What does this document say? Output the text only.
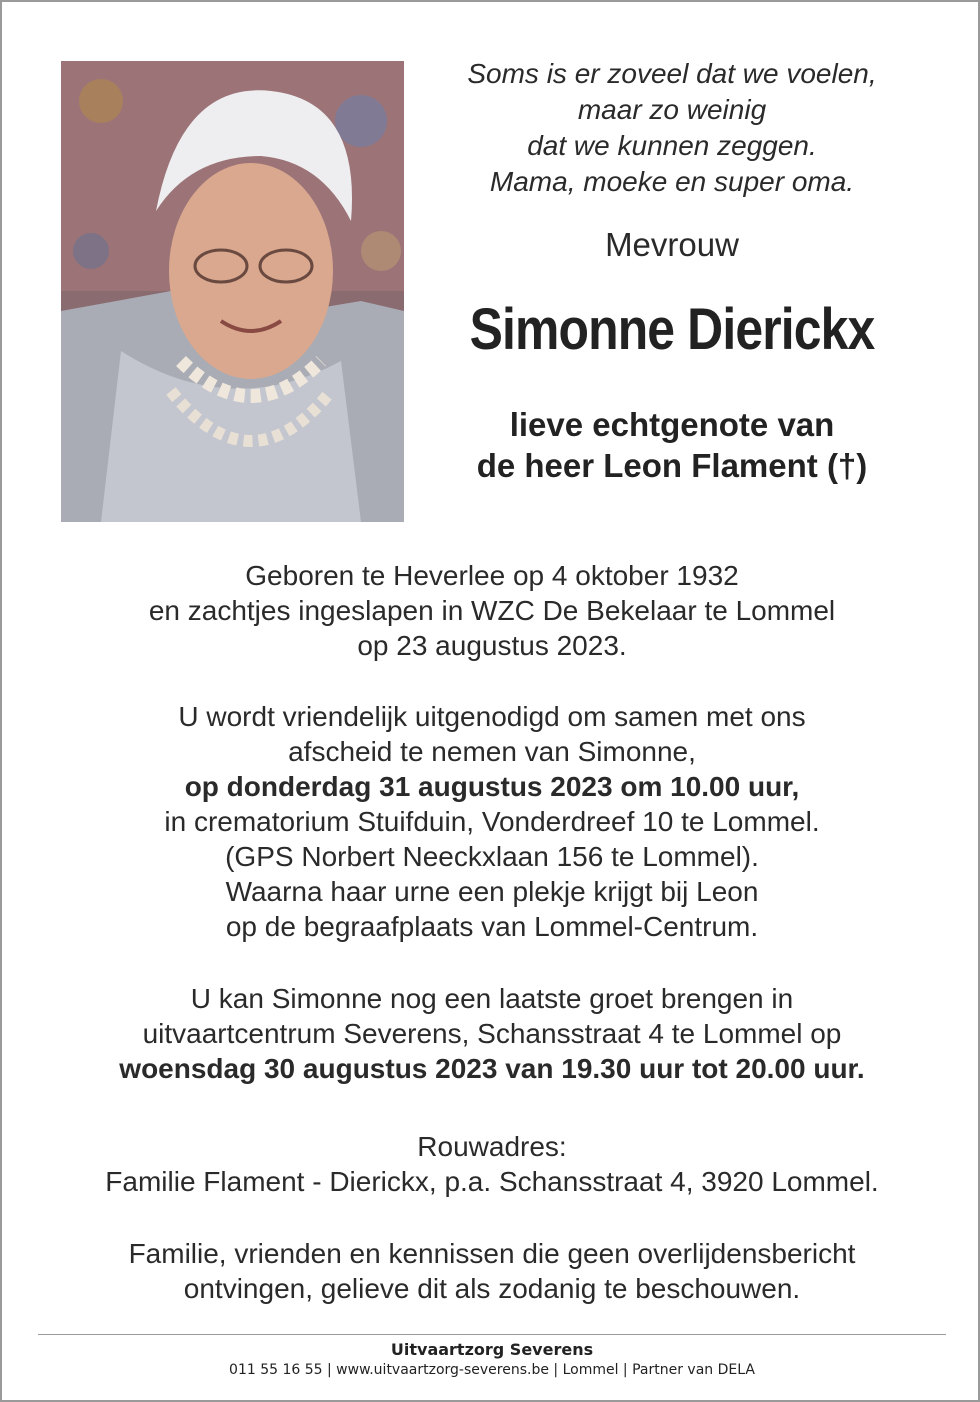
Soms is er zoveel dat we voelen,
maar zo weinig
dat we kunnen zeggen.
Mama, moeke en super oma.
Mevrouw
Simonne Dierickx
lieve echtgenote van
de heer Leon Flament (†)
Geboren te Heverlee op 4 oktober 1932
en zachtjes ingeslapen in WZC De Bekelaar te Lommel
op 23 augustus 2023.
U wordt vriendelijk uitgenodigd om samen met ons
afscheid te nemen van Simonne,
op donderdag 31 augustus 2023 om 10.00 uur,
in crematorium Stuifduin, Vonderdreef 10 te Lommel.
(GPS Norbert Neeckxlaan 156 te Lommel).
Waarna haar urne een plekje krijgt bij Leon
op de begraafplaats van Lommel-Centrum.
U kan Simonne nog een laatste groet brengen in
uitvaartcentrum Severens, Schansstraat 4 te Lommel op
woensdag 30 augustus 2023 van 19.30 uur tot 20.00 uur.
Rouwadres:
Familie Flament - Dierickx, p.a. Schansstraat 4, 3920 Lommel.
Familie, vrienden en kennissen die geen overlijdensbericht
ontvingen, gelieve dit als zodanig te beschouwen.
Uitvaartzorg Severens
011 55 16 55 | www.uitvaartzorg-severens.be | Lommel | Partner van DELA
